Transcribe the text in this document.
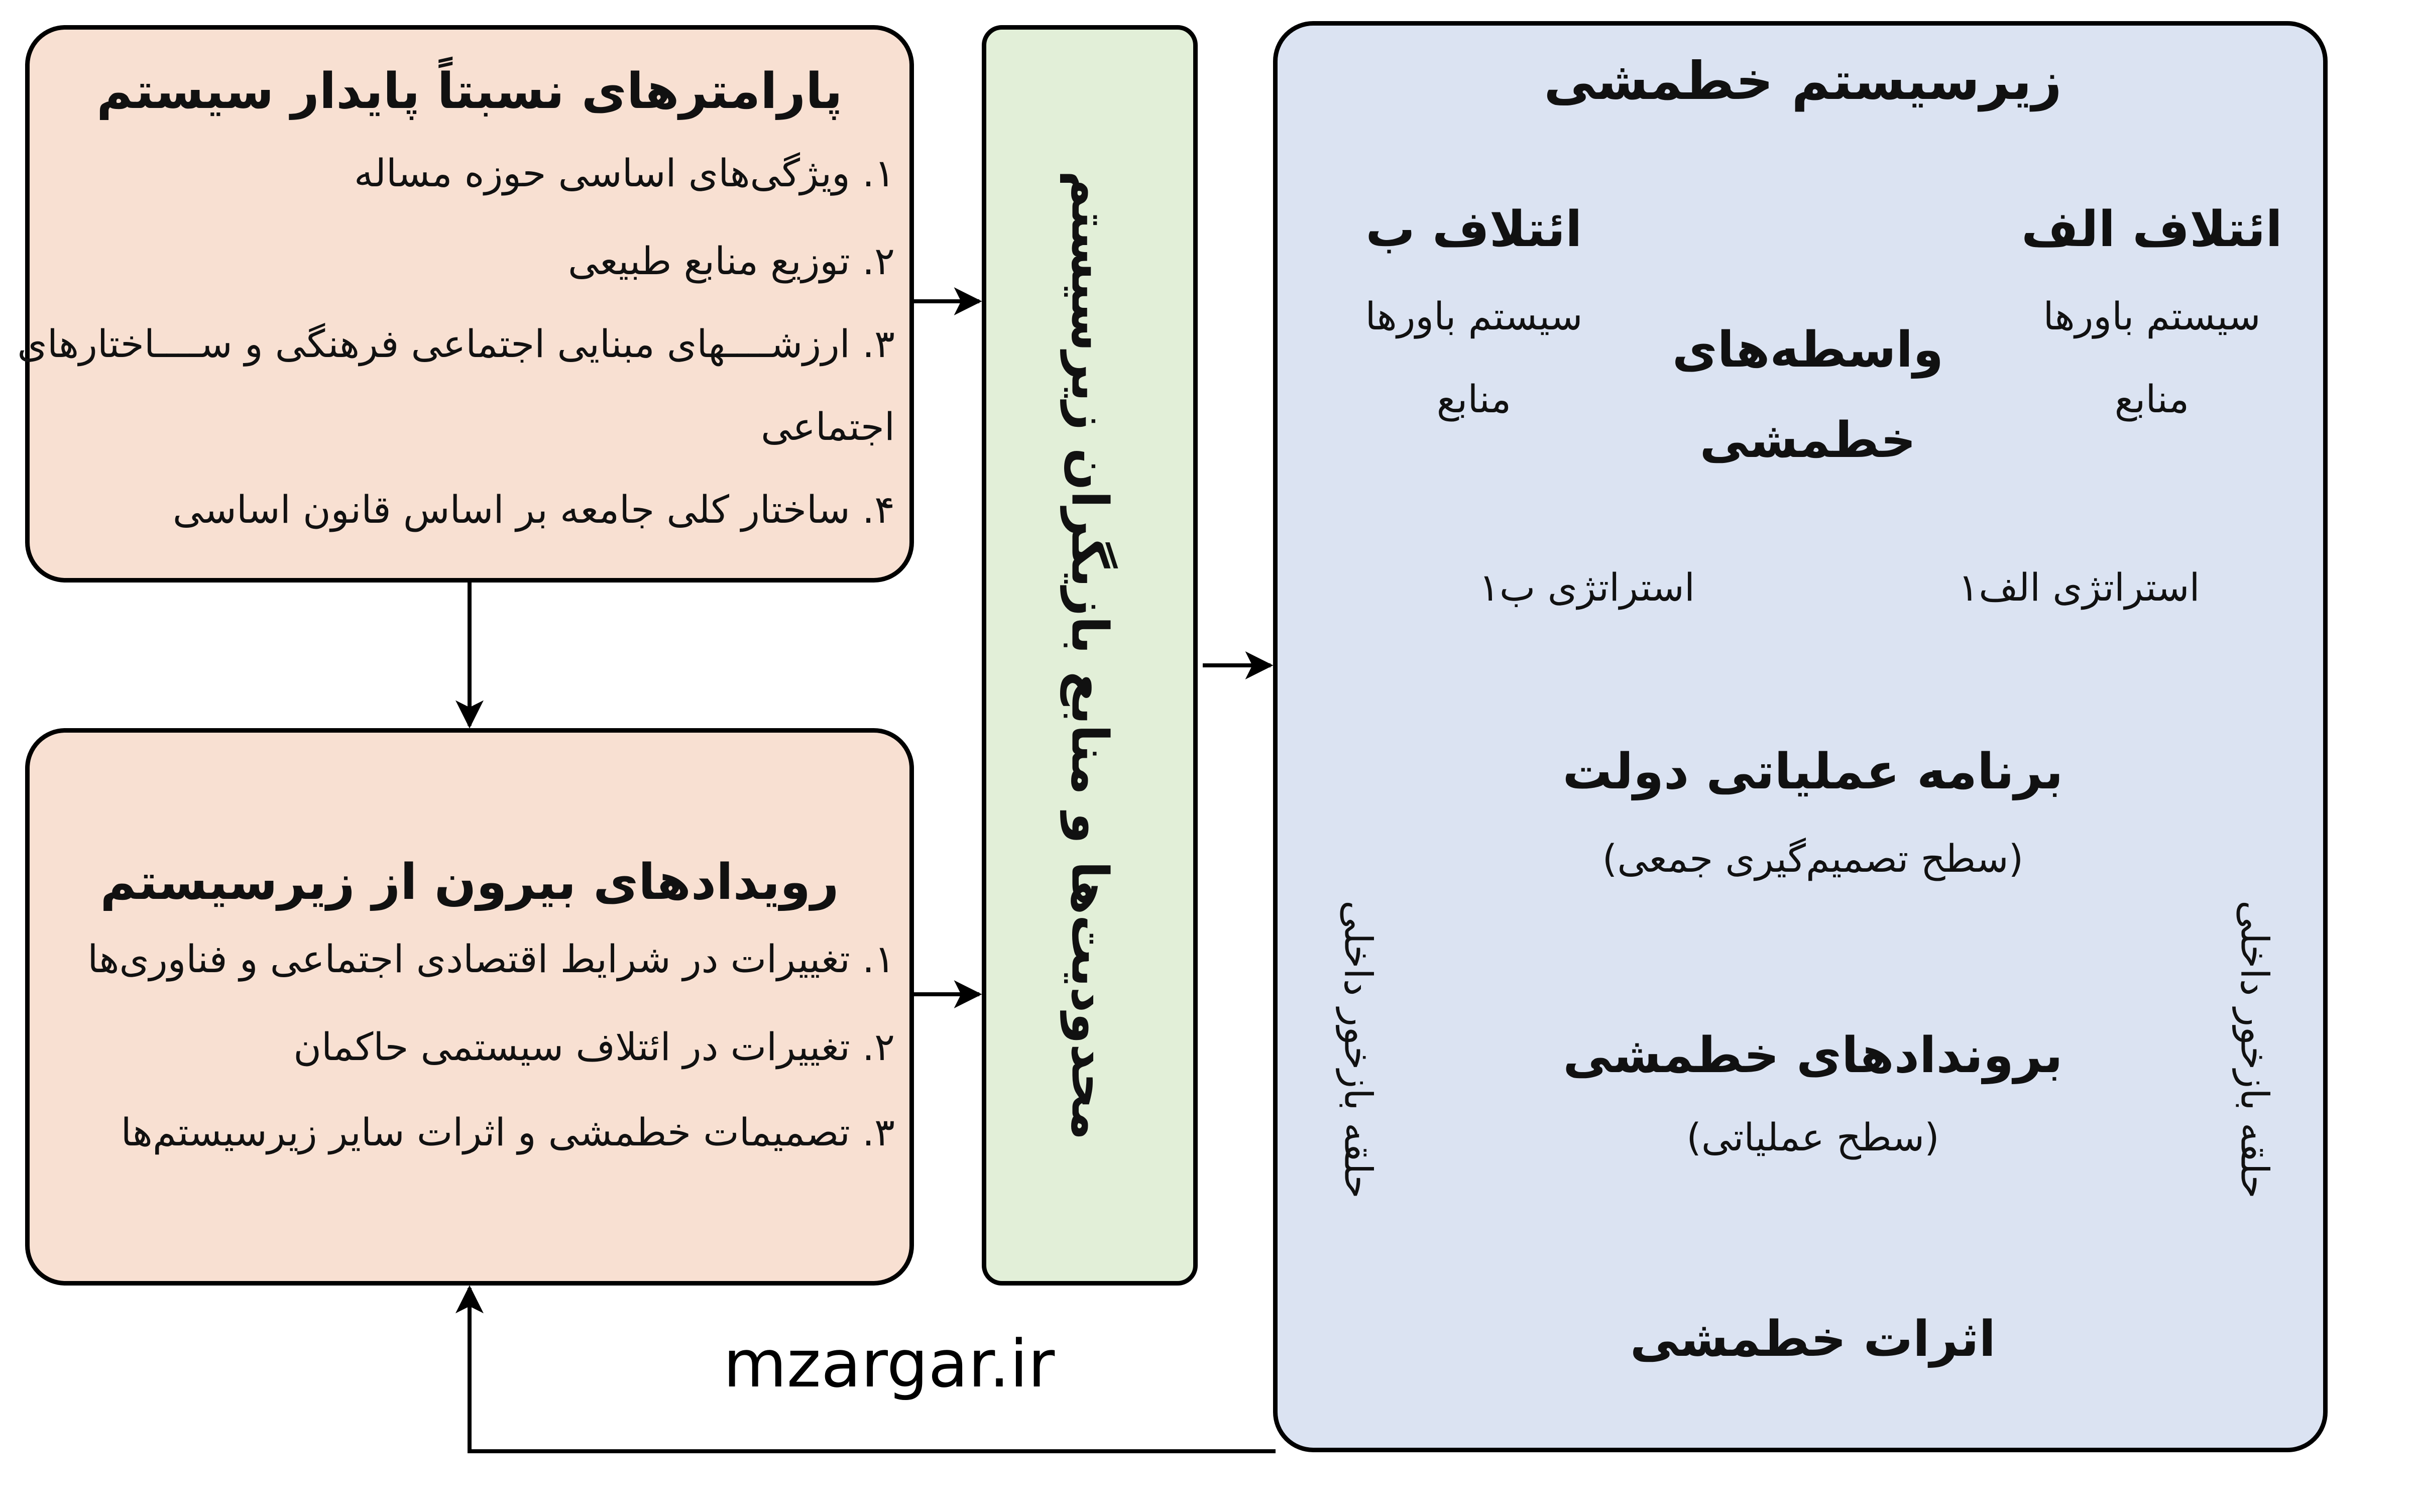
پارامترهای نسبتاً پایدار سیستم
۱. ویژگی‌های اساسی حوزه مساله
۲. توزیع منابع طبیعی
۳. ارزشــــهای مبنایی اجتماعی فرهنگی و ســــاختارهای
اجتماعی
۴. ساختار کلی جامعه بر اساس قانون اساسی
رویدادهای بیرون از زیرسیستم
۱. تغییرات در شرایط اقتصادی اجتماعی و فناوری‌ها
۲. تغییرات در ائتلاف سیستمی حاکمان
۳. تصمیمات خطمشی و اثرات سایر زیرسیستم‌ها	محدودیت‌ها و منابع بازیگران زیرسیستم
زیرسیستم خطمشی
ائتلاف الف
سیستم باورها
منابع
استراتژی الف۱
ائتلاف ب
سیستم باورها
منابع
استراتژی ب۱
واسطه‌های
خطمشی
برنامه عملیاتی دولت
(سطح تصمیم‌گیری جمعی)
بروندادهای خطمشی
(سطح عملیاتی)
اثرات خطمشی
حلقه بازخور داخلی	حلقه بازخور داخلی
mzargar.ir
